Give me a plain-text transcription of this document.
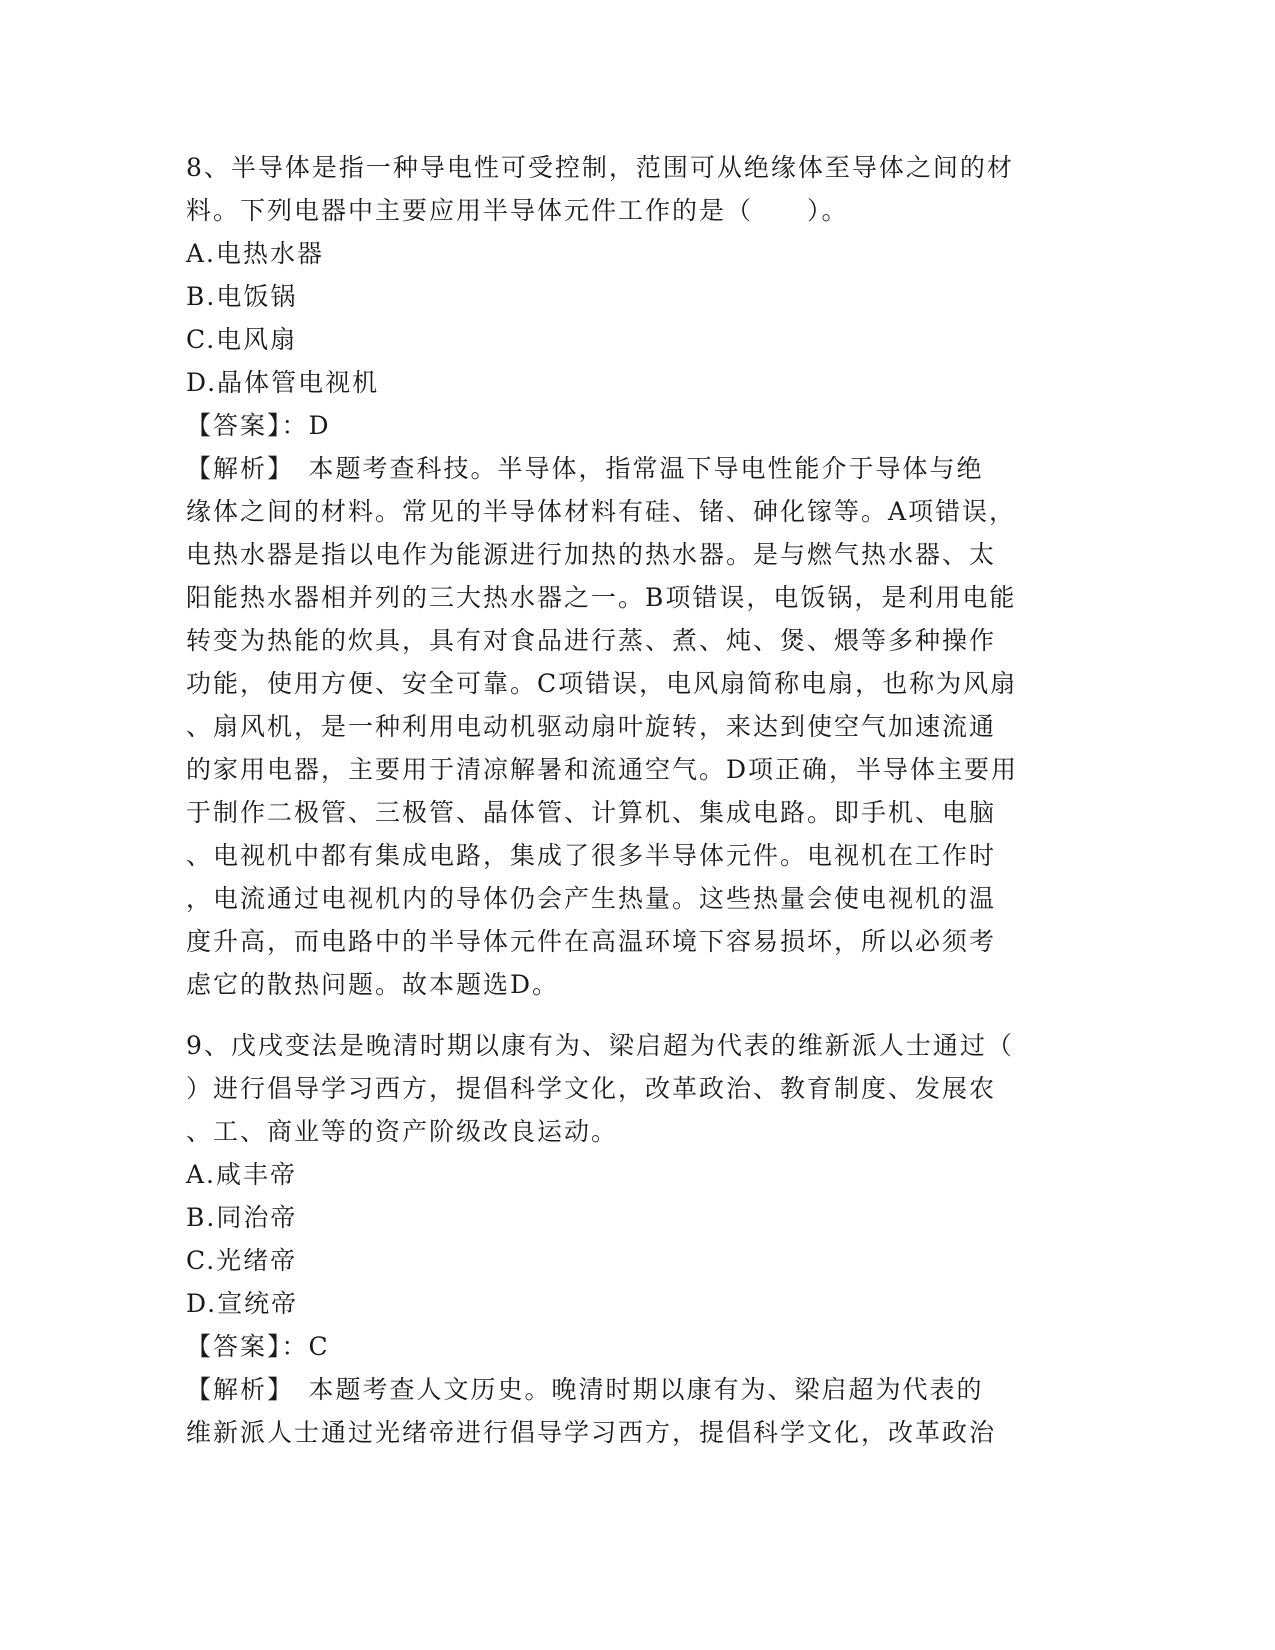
8、半导体是指一种导电性可受控制，范围可从绝缘体至导体之间的材
料。下列电器中主要应用半导体元件工作的是（　　）。
A.电热水器
B.电饭锅
C.电风扇
D.晶体管电视机
【答案】：D
【解析】　本题考查科技。半导体，指常温下导电性能介于导体与绝
缘体之间的材料。常见的半导体材料有硅、锗、砷化镓等。A项错误，
电热水器是指以电作为能源进行加热的热水器。是与燃气热水器、太
阳能热水器相并列的三大热水器之一。B项错误，电饭锅，是利用电能
转变为热能的炊具，具有对食品进行蒸、煮、炖、煲、煨等多种操作
功能，使用方便、安全可靠。C项错误，电风扇简称电扇，也称为风扇
、扇风机，是一种利用电动机驱动扇叶旋转，来达到使空气加速流通
的家用电器，主要用于清凉解暑和流通空气。D项正确，半导体主要用
于制作二极管、三极管、晶体管、计算机、集成电路。即手机、电脑
、电视机中都有集成电路，集成了很多半导体元件。电视机在工作时
，电流通过电视机内的导体仍会产生热量。这些热量会使电视机的温
度升高，而电路中的半导体元件在高温环境下容易损坏，所以必须考
虑它的散热问题。故本题选D。
9、戊戌变法是晚清时期以康有为、梁启超为代表的维新派人士通过（
）进行倡导学习西方，提倡科学文化，改革政治、教育制度、发展农
、工、商业等的资产阶级改良运动。
A.咸丰帝
B.同治帝
C.光绪帝
D.宣统帝
【答案】：C
【解析】　本题考查人文历史。晚清时期以康有为、梁启超为代表的
维新派人士通过光绪帝进行倡导学习西方，提倡科学文化，改革政治
